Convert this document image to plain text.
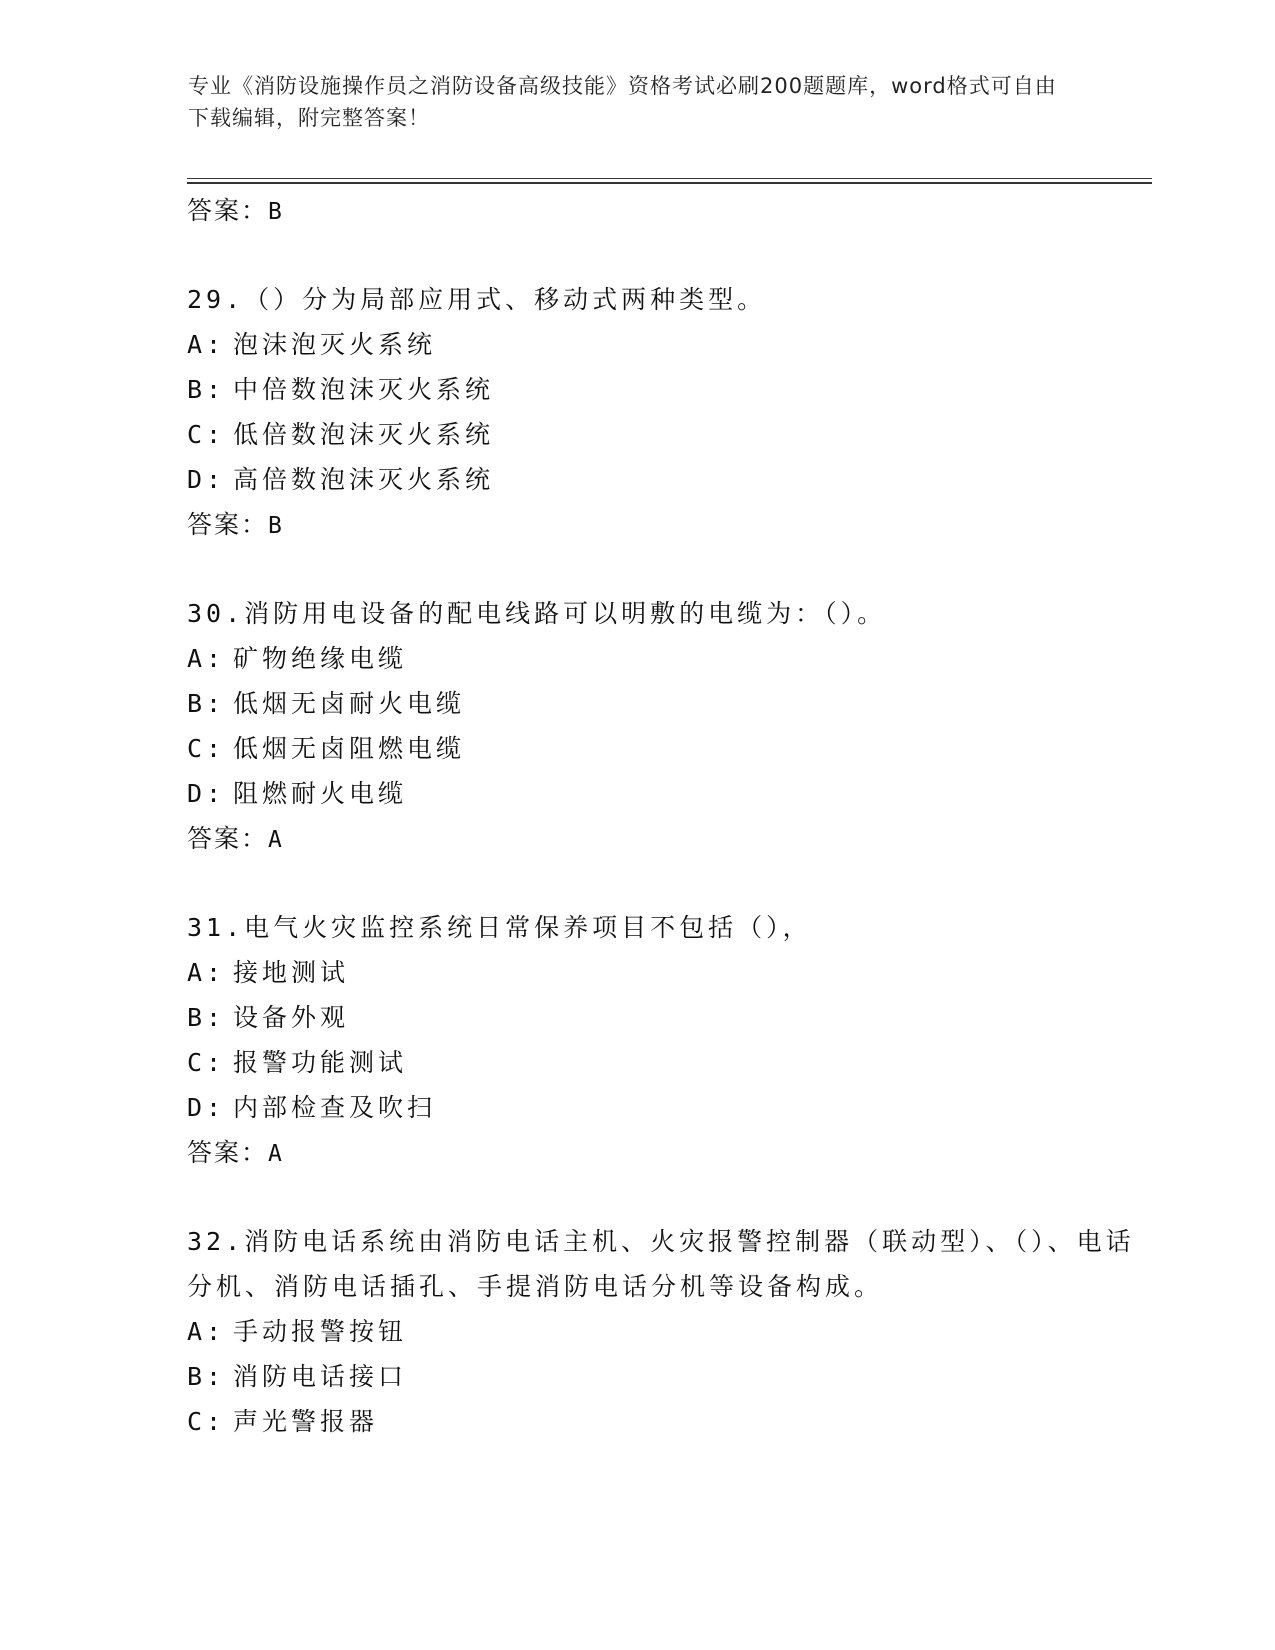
专业《消防设施操作员之消防设备高级技能》资格考试必刷200题题库，word格式可自由下载编辑，附完整答案！

答案：B

29.（）分为局部应用式、移动式两种类型。

A: 泡沫泡灭火系统

B: 中倍数泡沫灭火系统

C: 低倍数泡沫灭火系统

D: 高倍数泡沫灭火系统

答案：B

30.消防用电设备的配电线路可以明敷的电缆为：（）。

A: 矿物绝缘电缆

B: 低烟无卤耐火电缆

C: 低烟无卤阻燃电缆

D: 阻燃耐火电缆

答案：A

31.电气火灾监控系统日常保养项目不包括（），

A: 接地测试

B: 设备外观

C: 报警功能测试

D: 内部检查及吹扫

答案：A

32.消防电话系统由消防电话主机、火灾报警控制器（联动型）、（）、电话分机、消防电话插孔、手提消防电话分机等设备构成。

A: 手动报警按钮

B: 消防电话接口

C: 声光警报器
